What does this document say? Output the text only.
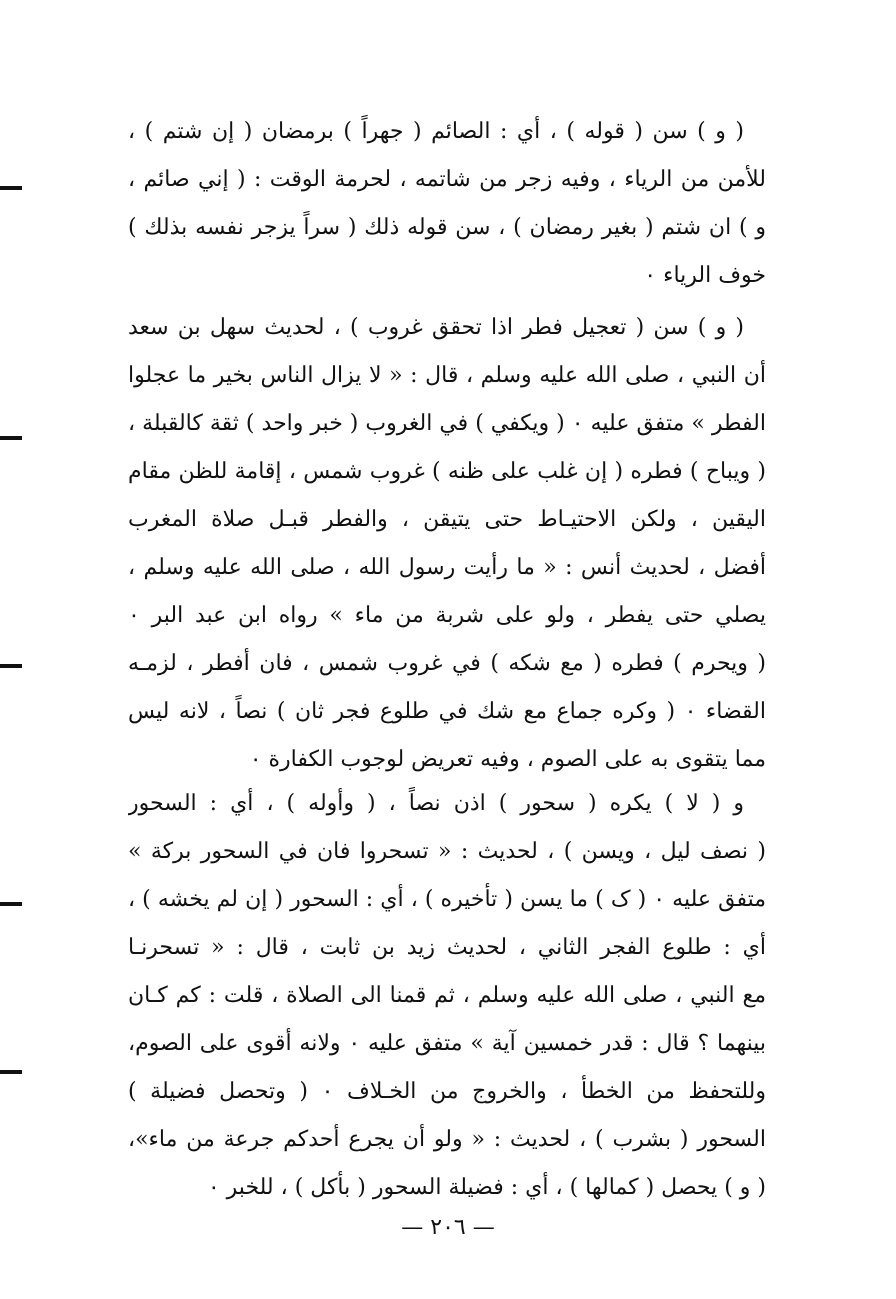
( و ) سن ( قوله ) ، أي : الصائم ( جهراً ) برمضان ( إن شتم ) ،
للأمن من الرياء ، وفيه زجر من شاتمه ، لحرمة الوقت : ( إني صائم ،
و ) ان شتم ( بغير رمضان ) ، سن قوله ذلك ( سراً يزجر نفسه بذلك )
خوف الرياء ٠
( و ) سن ( تعجيل فطر اذا تحقق غروب ) ، لحديث سهل بن سعد
أن النبي ، صلى الله عليه وسلم ، قال : « لا يزال الناس بخير ما عجلوا
الفطر » متفق عليه ٠ ( ويكفي ) في الغروب ( خبر واحد ) ثقة كالقبلة ،
( ويباح ) فطره ( إن غلب على ظنه ) غروب شمس ، إقامة للظن مقام
اليقين ، ولكن الاحتيـاط حتى يتيقن ، والفطر قبـل صلاة المغرب
أفضل ، لحديث أنس : « ما رأيت رسول الله ، صلى الله عليه وسلم ،
يصلي حتى يفطر ، ولو على شربة من ماء » رواه ابن عبد البر ٠
( ويحرم ) فطره ( مع شكه ) في غروب شمس ، فان أفطر ، لزمـه
القضاء ٠ ( وكره جماع مع شك في طلوع فجر ثان ) نصاً ، لانه ليس
مما يتقوى به على الصوم ، وفيه تعريض لوجوب الكفارة ٠
و ( لا ) يكره ( سحور ) اذن نصاً ، ( وأوله ) ، أي : السحور
( نصف ليل ، ويسن ) ، لحديث : « تسحروا فان في السحور بركة »
متفق عليه ٠ ( ک ) ما يسن ( تأخيره ) ، أي : السحور ( إن لم يخشه ) ،
أي : طلوع الفجر الثاني ، لحديث زيد بن ثابت ، قال : « تسحرنـا
مع النبي ، صلى الله عليه وسلم ، ثم قمنا الى الصلاة ، قلت : كم كـان
بينهما ؟ قال : قدر خمسين آية » متفق عليه ٠ ولانه أقوى على الصوم،
وللتحفظ من الخطأ ، والخروج من الخـلاف ٠ ( وتحصل فضيلة )
السحور ( بشرب ) ، لحديث : « ولو أن يجرع أحدكم جرعة من ماء»،
( و ) يحصل ( كمالها ) ، أي : فضيلة السحور ( بأكل ) ، للخبر ٠
— ٢٠٦ —
